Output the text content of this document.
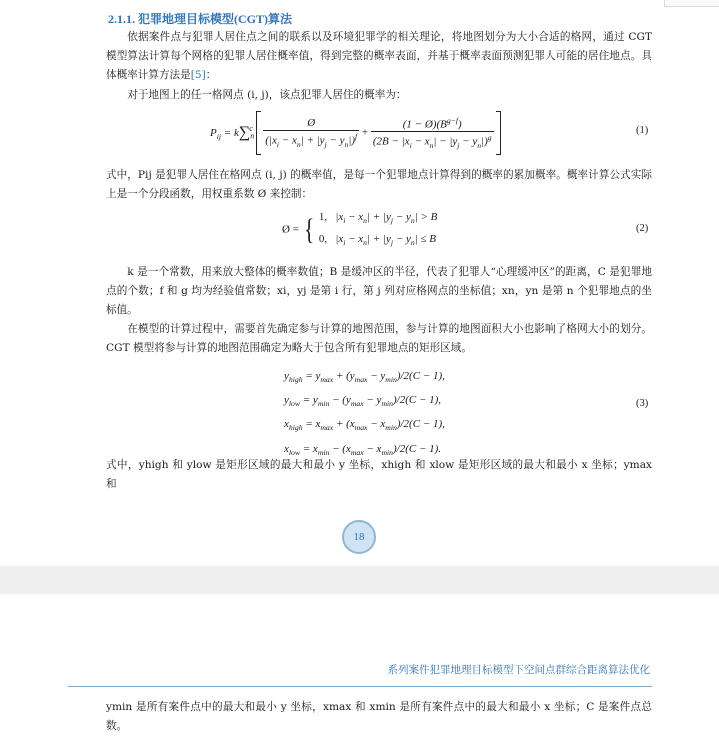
2.1.1. 犯罪地理目标模型(CGT)算法

依据案件点与犯罪人居住点之间的联系以及环境犯罪学的相关理论，将地图划分为大小合适的格网，通过 CGT 模型算法计算每个网格的犯罪人居住概率值，得到完整的概率表面，并基于概率表面预测犯罪人可能的居住地点。具体概率计算方法是[5]：

对于地图上的任一格网点 (i, j)，该点犯罪人居住的概率为：

$P_{ij} = k\sum_n^c \frac{Ø}{(|x_i - x_n| + |y_j - y_n|)^f} + \frac{(1 - Ø)(B^{g-f})}{(2B - |x_i - x_n| - |y_j - y_n|)^g}$
	(1)

式中，Pij 是犯罪人居住在格网点 (i, j) 的概率值，是每一个犯罪地点计算得到的概率的累加概率。概率计算公式实际上是一个分段函数，用权重系数 Ø 来控制：

Ø = { 1,   $|x_i - x_n| + |y_j - y_n| > B$
0,   $|x_i - x_n| + |y_j - y_n| \le B$
(2)

k 是一个常数，用来放大整体的概率数值；B 是缓冲区的半径，代表了犯罪人“心理缓冲区”的距离，C 是犯罪地点的个数；f 和 g 均为经验值常数；xi，yj 是第 i 行，第 j 列对应格网点的坐标值；xn，yn 是第 n 个犯罪地点的坐标值。

在模型的计算过程中，需要首先确定参与计算的地图范围，参与计算的地图面积大小也影响了格网大小的划分。CGT 模型将参与计算的地图范围确定为略大于包含所有犯罪地点的矩形区域。

$y_{high} = y_{max} + (y_{max} - y_{min})/2(C - 1)$,
$y_{low} = y_{min} - (y_{max} - y_{min})/2(C - 1)$,
$x_{high} = x_{max} + (x_{max} - x_{min})/2(C - 1)$,
$x_{low} = x_{min} - (x_{max} - x_{min})/2(C - 1)$.
(3)

式中，yhigh 和 ylow 是矩形区域的最大和最小 y 坐标，xhigh 和 xlow 是矩形区域的最大和最小 x 坐标；ymax 和

18
系列案件犯罪地理目标模型下空间点群综合距离算法优化

ymin 是所有案件点中的最大和最小 y 坐标，xmax 和 xmin 是所有案件点中的最大和最小 x 坐标；C 是案件点总数。
